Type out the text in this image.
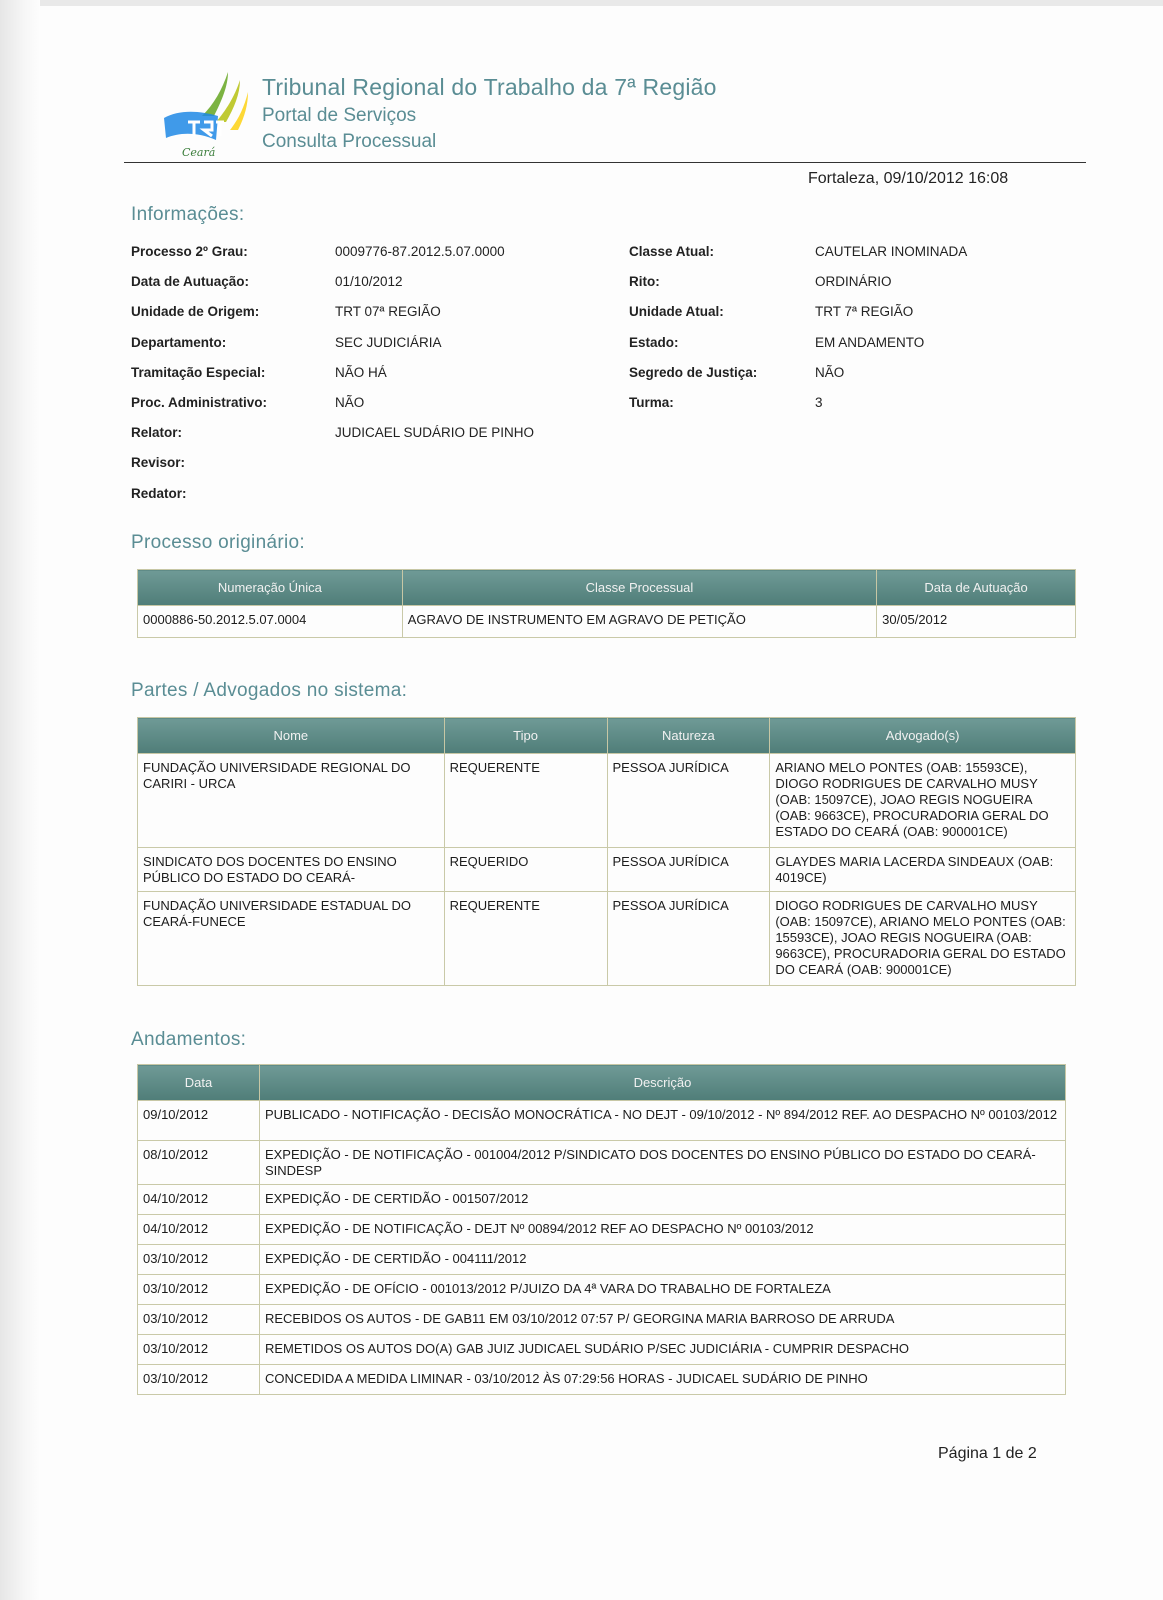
Ceará
Tribunal Regional do Trabalho da 7ª Região
Portal de Serviços
Consulta Processual
Fortaleza, 09/10/2012 16:08
Informações:
Processo 2º Grau:	0009776-87.2012.5.07.0000	Classe Atual:	CAUTELAR INOMINADA
Data de Autuação:	01/10/2012	Rito:	ORDINÁRIO
Unidade de Origem:	TRT 07ª REGIÃO	Unidade Atual:	TRT 7ª REGIÃO
Departamento:	SEC JUDICIÁRIA	Estado:	EM ANDAMENTO
Tramitação Especial:	NÃO HÁ	Segredo de Justiça:	NÃO
Proc. Administrativo:	NÃO	Turma:	3
Relator:	JUDICAEL SUDÁRIO DE PINHO
Revisor:
Redator:
Processo originário:
Numeração Única	Classe Processual	Data de Autuação
0000886-50.2012.5.07.0004	AGRAVO DE INSTRUMENTO EM AGRAVO DE PETIÇÃO	30/05/2012
Partes / Advogados no sistema:
Nome	Tipo	Natureza	Advogado(s)
FUNDAÇÃO UNIVERSIDADE REGIONAL DO CARIRI - URCA	REQUERENTE	PESSOA JURÍDICA	ARIANO MELO PONTES (OAB: 15593CE), DIOGO RODRIGUES DE CARVALHO MUSY (OAB: 15097CE), JOAO REGIS NOGUEIRA (OAB: 9663CE), PROCURADORIA GERAL DO ESTADO DO CEARÁ (OAB: 900001CE)
SINDICATO DOS DOCENTES DO ENSINO PÚBLICO DO ESTADO DO CEARÁ-	REQUERIDO	PESSOA JURÍDICA	GLAYDES MARIA LACERDA SINDEAUX (OAB: 4019CE)
FUNDAÇÃO UNIVERSIDADE ESTADUAL DO CEARÁ-FUNECE	REQUERENTE	PESSOA JURÍDICA	DIOGO RODRIGUES DE CARVALHO MUSY (OAB: 15097CE), ARIANO MELO PONTES (OAB: 15593CE), JOAO REGIS NOGUEIRA (OAB: 9663CE), PROCURADORIA GERAL DO ESTADO DO CEARÁ (OAB: 900001CE)
Andamentos:
Data	Descrição
09/10/2012	PUBLICADO - NOTIFICAÇÃO - DECISÃO MONOCRÁTICA - NO DEJT - 09/10/2012 - Nº 894/2012 REF. AO DESPACHO Nº 00103/2012
08/10/2012	EXPEDIÇÃO - DE NOTIFICAÇÃO - 001004/2012 P/SINDICATO DOS DOCENTES DO ENSINO PÚBLICO DO ESTADO DO CEARÁ-SINDESP
04/10/2012	EXPEDIÇÃO - DE CERTIDÃO - 001507/2012
04/10/2012	EXPEDIÇÃO - DE NOTIFICAÇÃO - DEJT Nº 00894/2012 REF AO DESPACHO Nº 00103/2012
03/10/2012	EXPEDIÇÃO - DE CERTIDÃO - 004111/2012
03/10/2012	EXPEDIÇÃO - DE OFÍCIO - 001013/2012 P/JUIZO DA 4ª VARA DO TRABALHO DE FORTALEZA
03/10/2012	RECEBIDOS OS AUTOS - DE GAB11 EM 03/10/2012 07:57 P/ GEORGINA MARIA BARROSO DE ARRUDA
03/10/2012	REMETIDOS OS AUTOS DO(A) GAB JUIZ JUDICAEL SUDÁRIO P/SEC JUDICIÁRIA - CUMPRIR DESPACHO
03/10/2012	CONCEDIDA A MEDIDA LIMINAR - 03/10/2012 ÀS 07:29:56 HORAS - JUDICAEL SUDÁRIO DE PINHO
Página 1 de 2
